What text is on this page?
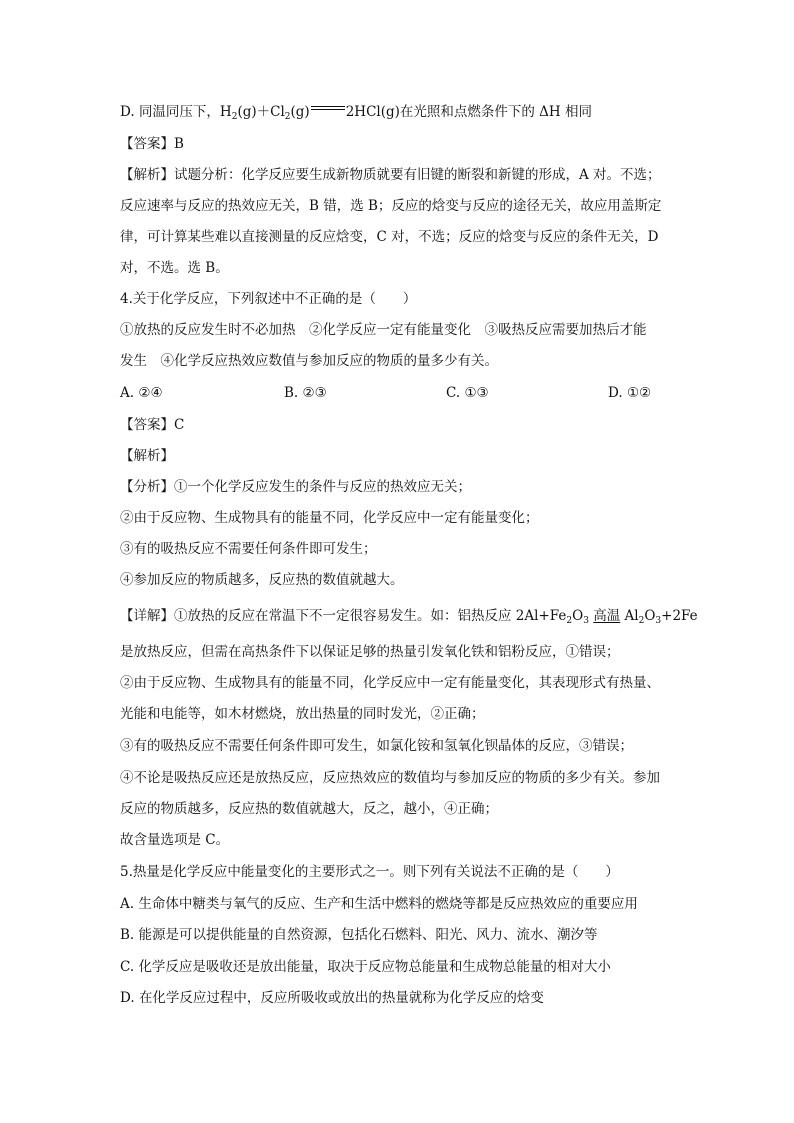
D. 同温同压下，$H_2(g)+Cl_2(g)$	2HCl(g)在光照和点燃条件下的 ΔH 相同
【答案】B
【解析】试题分析：化学反应要生成新物质就要有旧键的断裂和新键的形成，A 对。不选；
反应速率与反应的热效应无关，B 错，选 B；反应的焓变与反应的途径无关，故应用盖斯定
律，可计算某些难以直接测量的反应焓变，C 对，不选；反应的焓变与反应的条件无关，D
对，不选。选 B。
4.关于化学反应，下列叙述中不正确的是（　　）
①放热的反应发生时不必加热　②化学反应一定有能量变化　③吸热反应需要加热后才能
发生　④化学反应热效应数值与参加反应的物质的量多少有关。
A. ②④	B. ②③	C. ①③	D. ①②
【答案】C
【解析】
【分析】①一个化学反应发生的条件与反应的热效应无关；
②由于反应物、生成物具有的能量不同，化学反应中一定有能量变化；
③有的吸热反应不需要任何条件即可发生；
④参加反应的物质越多，反应热的数值就越大。
【详解】①放热的反应在常温下不一定很容易发生。如：铝热反应 $2Al+Fe_2O_3$ 高温 $Al_2O_3+2Fe$
是放热反应，但需在高热条件下以保证足够的热量引发氧化铁和铝粉反应，①错误；
②由于反应物、生成物具有的能量不同，化学反应中一定有能量变化，其表现形式有热量、
光能和电能等，如木材燃烧，放出热量的同时发光，②正确；
③有的吸热反应不需要任何条件即可发生，如氯化铵和氢氧化钡晶体的反应，③错误；
④不论是吸热反应还是放热反应，反应热效应的数值均与参加反应的物质的多少有关。参加
反应的物质越多，反应热的数值就越大，反之，越小，④正确；
故含量选项是 C。
5.热量是化学反应中能量变化的主要形式之一。则下列有关说法不正确的是（　　）
A. 生命体中糖类与氧气的反应、生产和生活中燃料的燃烧等都是反应热效应的重要应用
B. 能源是可以提供能量的自然资源，包括化石燃料、阳光、风力、流水、潮汐等
C. 化学反应是吸收还是放出能量，取决于反应物总能量和生成物总能量的相对大小
D. 在化学反应过程中，反应所吸收或放出的热量就称为化学反应的焓变
